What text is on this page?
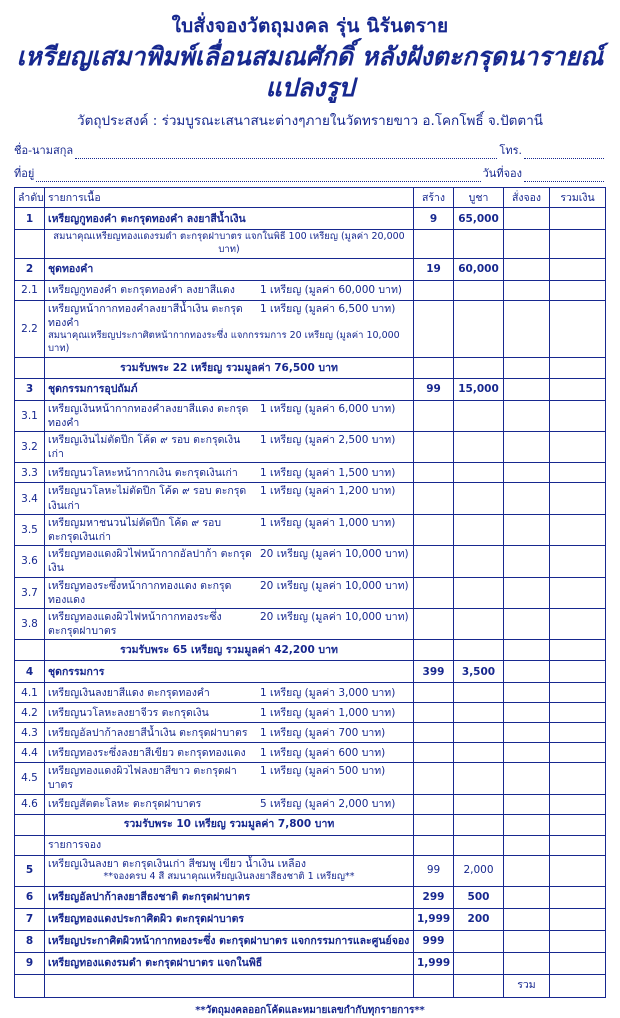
ใบสั่งจองวัตถุมงคล รุ่น นิรันตราย
เหรียญเสมาพิมพ์เลื่อนสมณศักดิ์ หลังฝังตะกรุดนารายณ์แปลงรูป
วัตถุประสงค์ : ร่วมบูรณะเสนาสนะต่างๆภายในวัดทรายขาว อ.โคกโพธิ์ จ.ปัตตานี
ชื่อ-นามสกุล	โทร.
ที่อยู่	วันที่จอง
ลำดับ	รายการเนื้อ	สร้าง	บูชา	สั่งจอง	รวมเงิน
1	เหรียญกูทองคำ ตะกรุดทองคำ ลงยาสีน้ำเงิน	9	65,000		
	สมนาคุณเหรียญทองแดงรมดำ ตะกรุดฝาบาตร แจกในพิธี 100 เหรียญ (มูลค่า 20,000 บาท)				
2	ชุดทองคำ	19	60,000		
2.1	เหรียญกูทองคำ ตะกรุดทองคำ ลงยาสีแดง 1 เหรียญ (มูลค่า 60,000 บาท)				

2.2	เหรียญหน้ากากทองคำลงยาสีน้ำเงิน ตะกรุดทองคำ
1 เหรียญ (มูลค่า 6,500 บาท)
สมนาคุณเหรียญประกาศิตหน้ากากทองระซึ่ง แจกกรรมการ 20 เหรียญ (มูลค่า 10,000 บาท)				

	รวมรับพระ 22 เหรียญ รวมมูลค่า 76,500 บาท				
3	ชุดกรรมการอุปถัมภ์	99	15,000		
3.1	เหรียญเงินหน้ากากทองคำลงยาสีแดง ตะกรุดทองคำ
1 เหรียญ (มูลค่า 6,000 บาท)				

3.2	เหรียญเงินไม่ตัดปีก โค้ด ๙ รอบ ตะกรุดเงินเก่า
1 เหรียญ (มูลค่า 2,500 บาท)				

3.3	เหรียญนวโลหะหน้ากากเงิน ตะกรุดเงินเก่า 1 เหรียญ (มูลค่า 1,500 บาท)				

3.4	เหรียญนวโลหะไม่ตัดปีก โค้ด ๙ รอบ ตะกรุดเงินเก่า
1 เหรียญ (มูลค่า 1,200 บาท)				

3.5	เหรียญมหาชนวนไม่ตัดปีก โค้ด ๙ รอบ ตะกรุดเงินเก่า
1 เหรียญ (มูลค่า 1,000 บาท)				

3.6	เหรียญทองแดงผิวไฟหน้ากากอัลปาก้า ตะกรุดเงิน
20 เหรียญ (มูลค่า 10,000 บาท)				

3.7	เหรียญทองระซึ่งหน้ากากทองแดง ตะกรุดทองแดง
20 เหรียญ (มูลค่า 10,000 บาท)				

3.8	เหรียญทองแดงผิวไฟหน้ากากทองระซึ่ง ตะกรุดฝาบาตร
20 เหรียญ (มูลค่า 10,000 บาท)				

	รวมรับพระ 65 เหรียญ รวมมูลค่า 42,200 บาท				
4	ชุดกรรมการ	399	3,500		
4.1	เหรียญเงินลงยาสีแดง ตะกรุดทองคำ 1 เหรียญ (มูลค่า 3,000 บาท)				

4.2	เหรียญนวโลหะลงยาจีวร ตะกรุดเงิน 1 เหรียญ (มูลค่า 1,000 บาท)				

4.3	เหรียญอัลปาก้าลงยาสีน้ำเงิน ตะกรุดฝาบาตร 1 เหรียญ (มูลค่า 700 บาท)				

4.4	เหรียญทองระซึ่งลงยาสีเขียว ตะกรุดทองแดง 1 เหรียญ (มูลค่า 600 บาท)				

4.5	เหรียญทองแดงผิวไฟลงยาสีขาว ตะกรุดฝาบาตร
1 เหรียญ (มูลค่า 500 บาท)				

4.6	เหรียญสัตตะโลหะ ตะกรุดฝาบาตร 5 เหรียญ (มูลค่า 2,000 บาท)				

	รวมรับพระ 10 เหรียญ รวมมูลค่า 7,800 บาท				
	รายการจอง				
5	เหรียญเงินลงยา ตะกรุดเงินเก่า สีชมพู เขียว น้ำเงิน เหลือง
**จองครบ 4 สี สมนาคุณเหรียญเงินลงยาสีธงชาติ 1 เหรียญ**	99	2,000		
6	เหรียญอัลปาก้าลงยาสีธงชาติ ตะกรุดฝาบาตร	299	500		
7	เหรียญทองแดงประกาศิตผิว ตะกรุดฝาบาตร	1,999	200		
8	เหรียญประกาศิตผิวหน้ากากทองระซึ่ง ตะกรุดฝาบาตร แจกกรรมการและศูนย์จอง	999			
9	เหรียญทองแดงรมดำ ตะกรุดฝาบาตร แจกในพิธี	1,999			
				รวม	
**วัตถุมงคลออกโค้ดและหมายเลขกำกับทุกรายการ**
